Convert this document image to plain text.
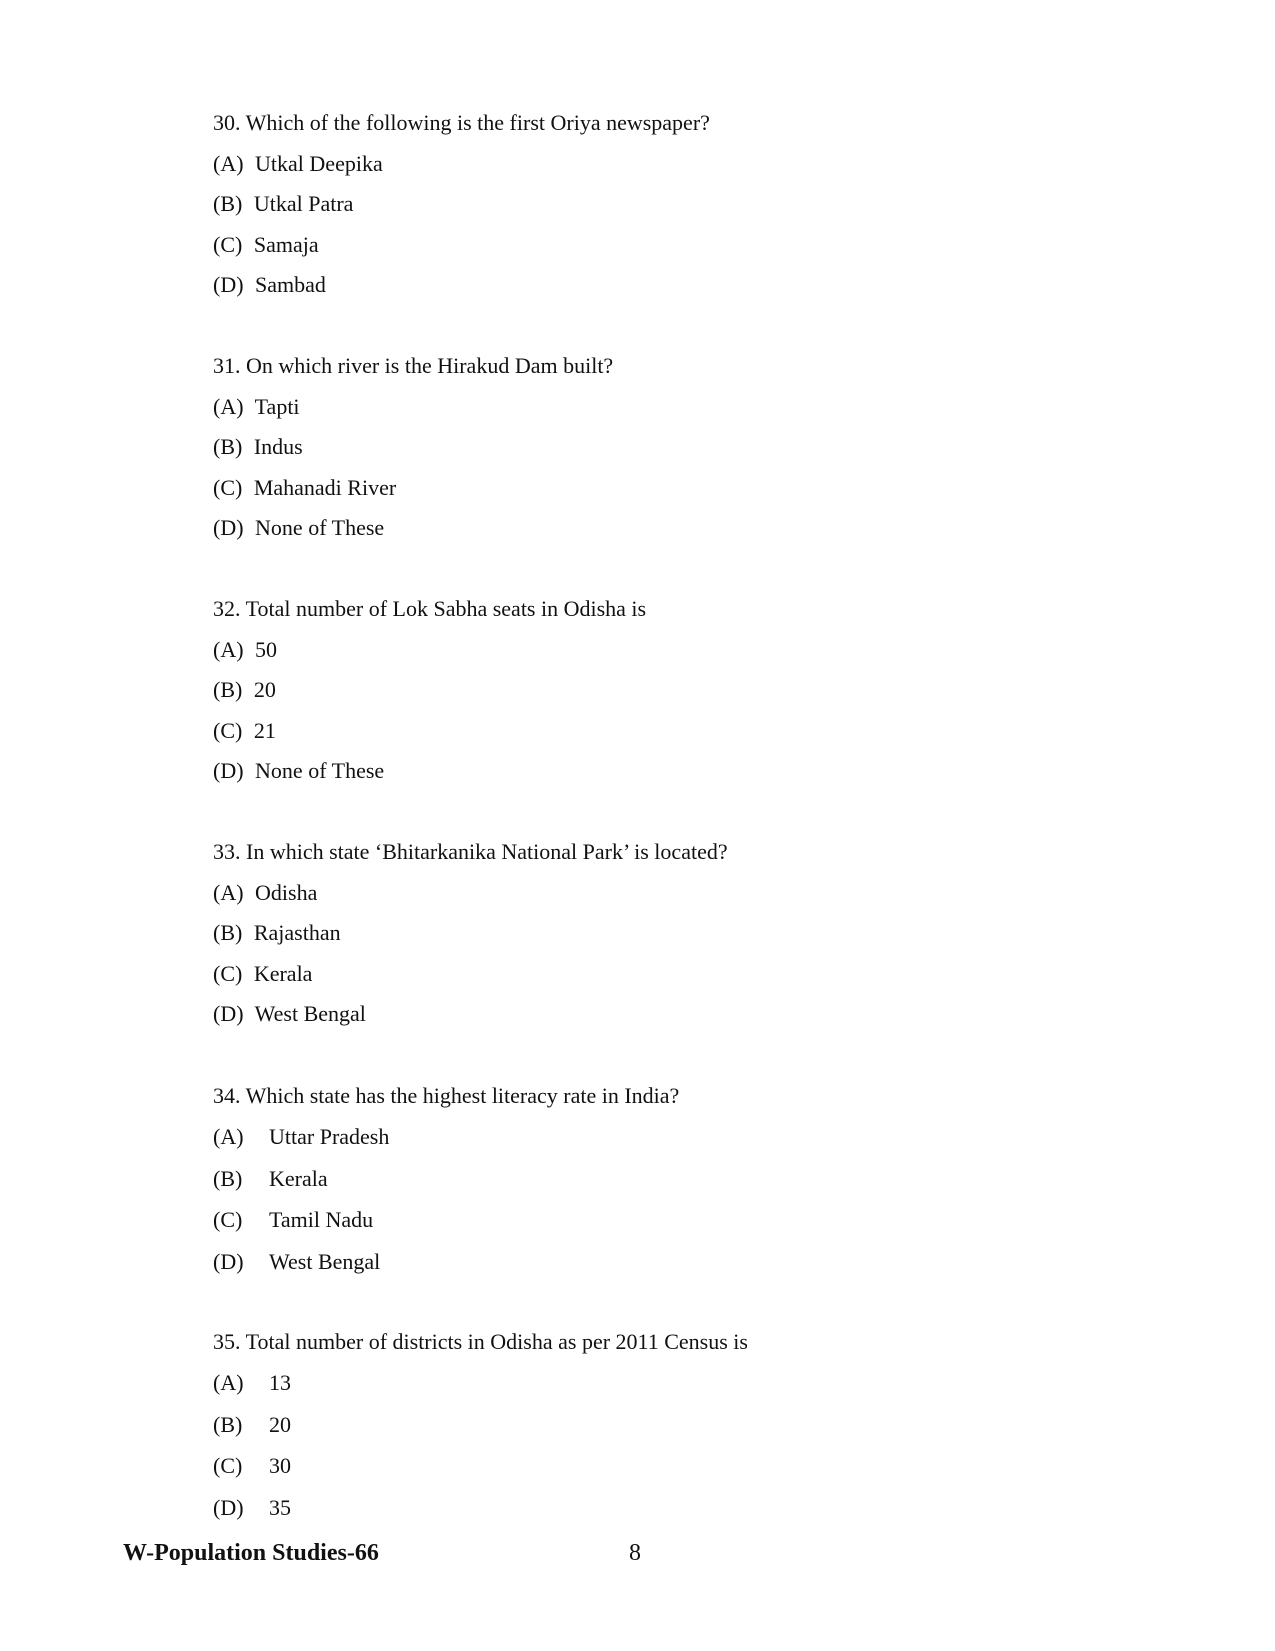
30. Which of the following is the first Oriya newspaper?
(A) Utkal Deepika
(B) Utkal Patra
(C) Samaja
(D) Sambad
31. On which river is the Hirakud Dam built?
(A) Tapti
(B) Indus
(C) Mahanadi River
(D) None of These
32. Total number of Lok Sabha seats in Odisha is
(A) 50
(B) 20
(C) 21
(D) None of These
33. In which state ‘Bhitarkanika National Park’ is located?
(A) Odisha
(B) Rajasthan
(C) Kerala
(D) West Bengal
34. Which state has the highest literacy rate in India?
(A) Uttar Pradesh
(B) Kerala
(C) Tamil Nadu
(D) West Bengal
35. Total number of districts in Odisha as per 2011 Census is
(A) 13
(B) 20
(C) 30
(D) 35
W-Population Studies-66	8
